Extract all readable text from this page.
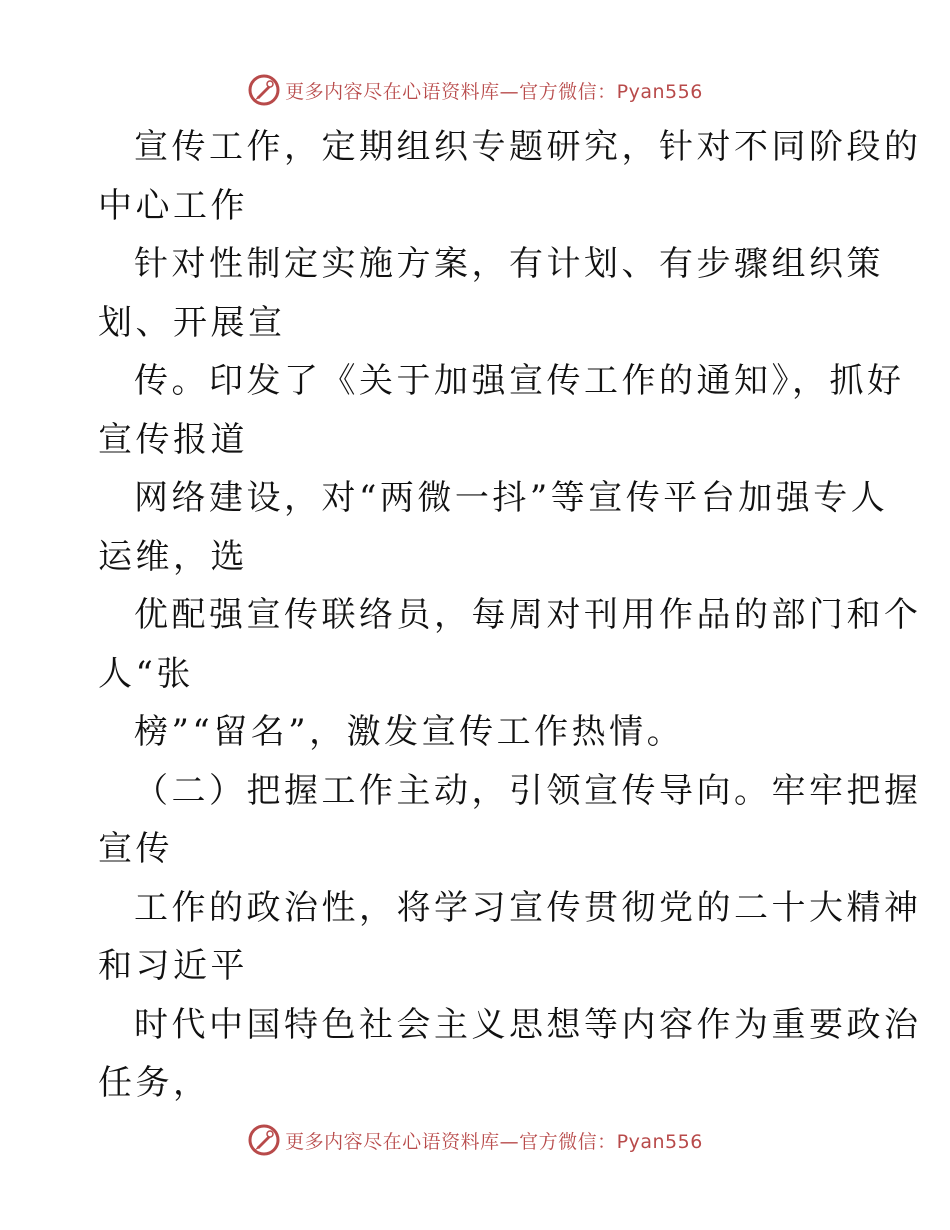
更多内容尽在心语资料库—官方微信：Pyan556
宣传工作，定期组织专题研究，针对不同阶段的
中心工作
针对性制定实施方案，有计划、有步骤组织策
划、开展宣
传。印发了《关于加强宣传工作的通知》，抓好
宣传报道
网络建设，对“两微一抖”等宣传平台加强专人
运维，选
优配强宣传联络员，每周对刊用作品的部门和个
人“张
榜”“留名”，激发宣传工作热情。
（二）把握工作主动，引领宣传导向。牢牢把握
宣传
工作的政治性，将学习宣传贯彻党的二十大精神
和习近平
时代中国特色社会主义思想等内容作为重要政治
任务，
更多内容尽在心语资料库—官方微信：Pyan556
